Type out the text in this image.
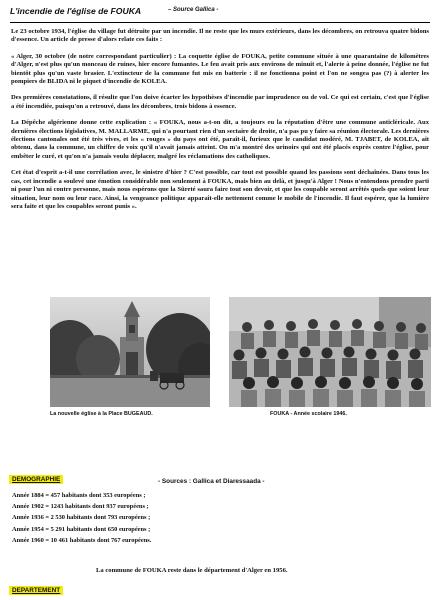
L'incendie de l'église de FOUKA	– Source Gallica -

Le 23 octobre 1934, l'église du village fut détruite par un incendie. Il ne reste que les murs extérieurs, dans les décombres, on retrouva quatre bidons d'essence. Un article de presse d'alors relate ces faits :

« Alger, 30 octobre (de notre correspondant particulier) : La coquette église de FOUKA, petite commune située à une quarantaine de kilomètres d'Alger, n'est plus qu'un monceau de ruines, hier encore fumantes. Le feu avait pris aux environs de minuit et, l'alerte à peine donnée, l'église ne fut bientôt plus qu'un vaste brasier. L'extincteur de la commune fut mis en batterie : il ne fonctionna point et l'on ne songea pas (?) à alerter les pompiers de BLIDA ni le piquet d'incendie de KOLEA.

Des premières constatations, il résulte que l'on doive écarter les hypothèses d'incendie par imprudence ou de vol. Ce qui est certain, c'est que l'église a été incendiée, puisqu'on a retrouvé, dans les décombres, trois bidons à essence.

La Dépêche algérienne donne cette explication : « FOUKA, nous a-t-on dit, a toujours eu la réputation d'être une commune anticléricale. Aux dernières élections législatives, M. MALLARME, qui n'a pourtant rien d'un sectaire de droite, n'a pas pu y faire sa réunion électorale. Les dernières élections cantonales ont été très vives, et les « rouges » du pays ont été, paraît-il, furieux que le candidat modéré, M. TJABET, de KOLEA, ait obtenu, dans la commune, un chiffre de voix qu'il n'avait jamais atteint. On m'a montré des urinoirs qui ont été placés exprès contre l'église, pour embêter le curé, et qu'on n'a jamais voulu déplacer, malgré les réclamations des catholiques.

Cet état d'esprit a-t-il une corrélation avec, le sinistre d'hier ? C'est possible, car tout est possible quand les passions sont déchaînées. Dans tous les cas, cet incendie a soulevé une émotion considérable non seulement à FOUKA, mais bien au delà, et jusqu'à Alger ! Nous n'entendons prendre parti ni pour l'un ni contre personne, mais nous espérons que la Sûreté saura faire tout son devoir, et que les coupable seront arrêtés quels que soient leur situation, leur nom ou leur race. Ainsi, la vengeance politique apparaît-elle nettement comme le mobile de l'incendie. Il faut espérer, que la lumière sera faite et que les coupables seront punis ».

La nouvelle église à la Place BUGEAUD.	FOUKA - Année scolaire 1946.
DEMOGRAPHIE	- Sources : Gallica et Diaressaada -
Année 1884 = 457 habitants dont 353 européens ;
Année 1902 = 1243 habitants dont 937 européens ;
Année 1936 = 2 530 habitants dont 793 européens ;
Année 1954 = 5 291 habitants dont 650 européens ;
Année 1960 = 10 461 habitants dont 767 européens.
La commune de FOUKA reste dans le département d'Alger en 1956.
DEPARTEMENT
